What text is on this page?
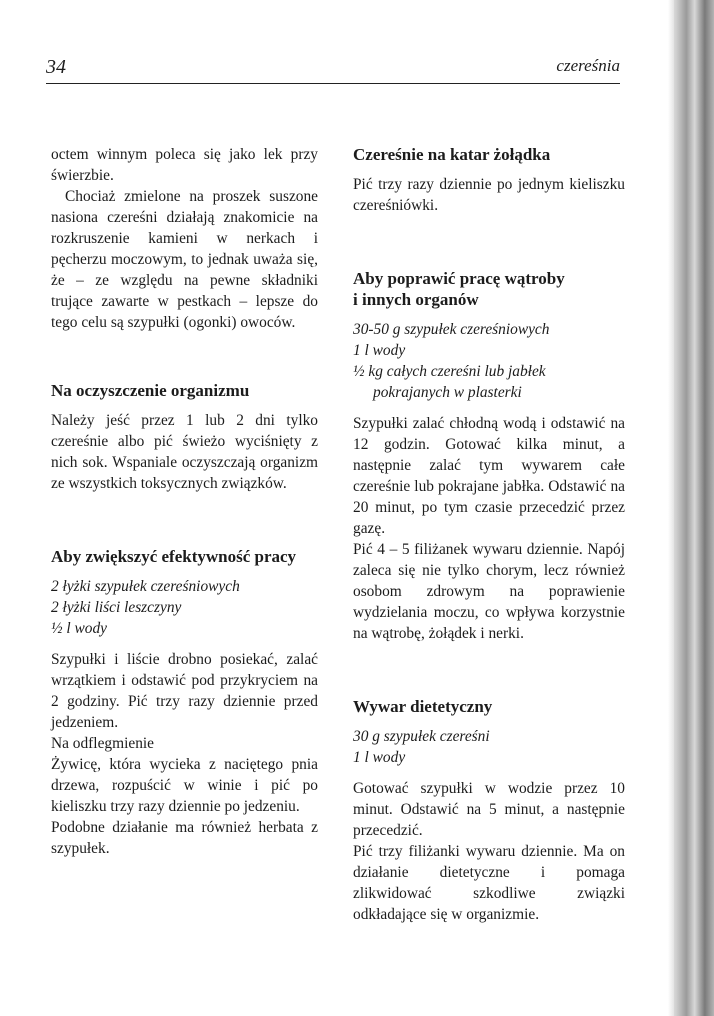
34	czereśnia

octem winnym poleca się jako lek przy świerzbie.

Chociaż zmielone na proszek suszone nasiona czereśni działają znakomicie na rozkruszenie kamieni w nerkach i pęcherzu moczowym, to jednak uważa się, że – ze względu na pewne składniki trujące zawarte w pestkach – lepsze do tego celu są szypułki (ogonki) owoców.

Na oczyszczenie organizmu

Należy jeść przez 1 lub 2 dni tylko czereśnie albo pić świeżo wyciśnięty z nich sok. Wspaniale oczyszczają organizm ze wszystkich toksycznych związków.

Aby zwiększyć efektywność pracy
2 łyżki szypułek czereśniowych
2 łyżki liści leszczyny
½ l wody

Szypułki i liście drobno posiekać, zalać wrzątkiem i odstawić pod przykryciem na 2 godziny. Pić trzy razy dziennie przed jedzeniem.

Na odflegmienie

Żywicę, która wycieka z naciętego pnia drzewa, rozpuścić w winie i pić po kieliszku trzy razy dziennie po jedzeniu.

Podobne działanie ma również herbata z szypułek.

Czereśnie na katar żołądka

Pić trzy razy dziennie po jednym kieliszku czereśniówki.

Aby poprawić pracę wątroby
i innych organów
30-50 g szypułek czereśniowych
1 l wody
½ kg całych czereśni lub jabłek pokrajanych w plasterki

Szypułki zalać chłodną wodą i odstawić na 12 godzin. Gotować kilka minut, a następnie zalać tym wywarem całe czereśnie lub pokrajane jabłka. Odstawić na 20 minut, po tym czasie przecedzić przez gazę.

Pić 4 – 5 filiżanek wywaru dziennie. Napój zaleca się nie tylko chorym, lecz również osobom zdrowym na poprawienie wydzielania moczu, co wpływa korzystnie na wątrobę, żołądek i nerki.

Wywar dietetyczny
30 g szypułek czereśni
1 l wody

Gotować szypułki w wodzie przez 10 minut. Odstawić na 5 minut, a następnie przecedzić.

Pić trzy filiżanki wywaru dziennie. Ma on działanie dietetyczne i pomaga zlikwidować szkodliwe związki odkładające się w organizmie.
